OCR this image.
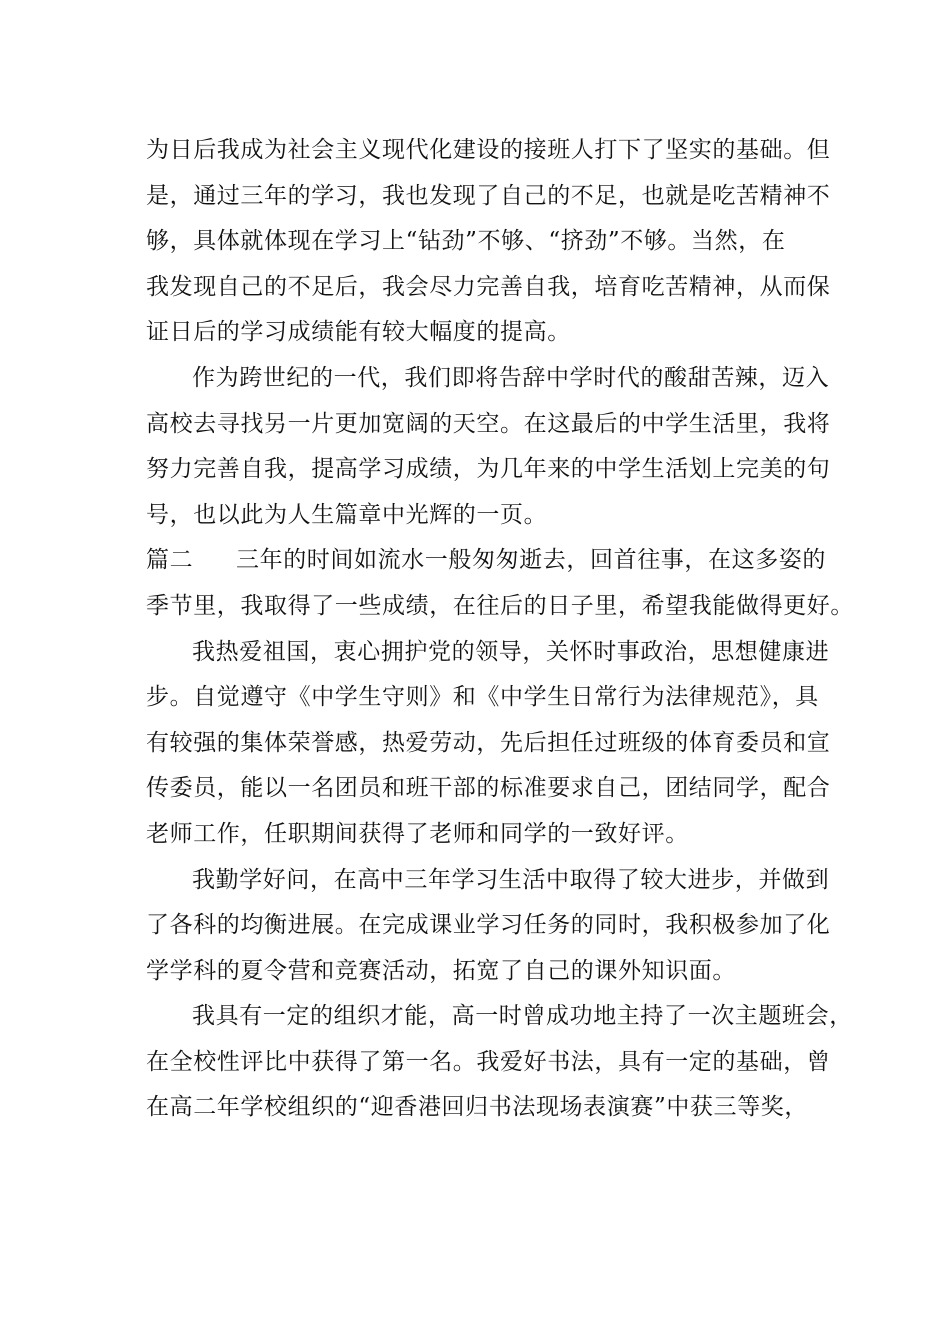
为日后我成为社会主义现代化建设的接班人打下了坚实的基础。但
是，通过三年的学习，我也发现了自己的不足，也就是吃苦精神不
够，具体就体现在学习上“钻劲”不够、“挤劲”不够。当然，在
我发现自己的不足后，我会尽力完善自我，培育吃苦精神，从而保
证日后的学习成绩能有较大幅度的提高。
作为跨世纪的一代，我们即将告辞中学时代的酸甜苦辣，迈入
高校去寻找另一片更加宽阔的天空。在这最后的中学生活里，我将
努力完善自我，提高学习成绩，为几年来的中学生活划上完美的句
号，也以此为人生篇章中光辉的一页。
篇二 三年的时间如流水一般匆匆逝去，回首往事，在这多姿的
季节里，我取得了一些成绩，在往后的日子里，希望我能做得更好。
我热爱祖国，衷心拥护党的领导，关怀时事政治，思想健康进
步。自觉遵守《中学生守则》和《中学生日常行为法律规范》，具
有较强的集体荣誉感，热爱劳动，先后担任过班级的体育委员和宣
传委员，能以一名团员和班干部的标准要求自己，团结同学，配合
老师工作，任职期间获得了老师和同学的一致好评。
我勤学好问，在高中三年学习生活中取得了较大进步，并做到
了各科的均衡进展。在完成课业学习任务的同时，我积极参加了化
学学科的夏令营和竞赛活动，拓宽了自己的课外知识面。
我具有一定的组织才能，高一时曾成功地主持了一次主题班会，
在全校性评比中获得了第一名。我爱好书法，具有一定的基础，曾
在高二年学校组织的“迎香港回归书法现场表演赛”中获三等奖，
